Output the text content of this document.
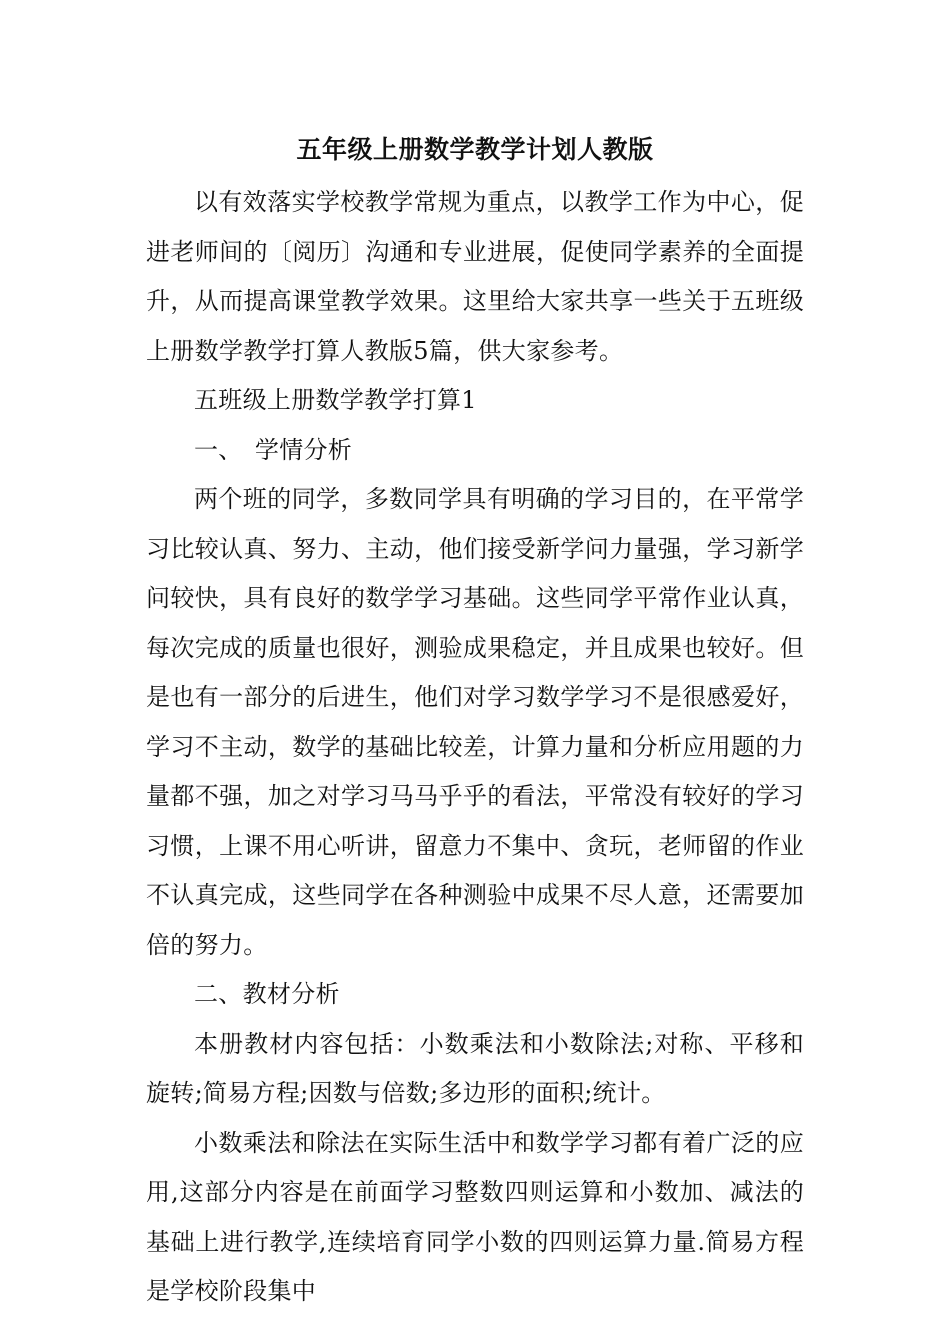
五年级上册数学教学计划人教版

以有效落实学校教学常规为重点，以教学工作为中心，促进老师间的〔阅历〕沟通和专业进展，促使同学素养的全面提升，从而提高课堂教学效果。这里给大家共享一些关于五班级上册数学教学打算人教版5篇，供大家参考。

五班级上册数学教学打算1

一、　学情分析

两个班的同学，多数同学具有明确的学习目的，在平常学习比较认真、努力、主动，他们接受新学问力量强，学习新学问较快，具有良好的数学学习基础。这些同学平常作业认真，每次完成的质量也很好，测验成果稳定，并且成果也较好。但是也有一部分的后进生，他们对学习数学学习不是很感爱好，学习不主动，数学的基础比较差，计算力量和分析应用题的力量都不强，加之对学习马马乎乎的看法，平常没有较好的学习习惯，上课不用心听讲，留意力不集中、贪玩，老师留的作业不认真完成，这些同学在各种测验中成果不尽人意，还需要加倍的努力。

二、教材分析

本册教材内容包括：小数乘法和小数除法;对称、平移和旋转;简易方程;因数与倍数;多边形的面积;统计。

小数乘法和除法在实际生活中和数学学习都有着广泛的应用,这部分内容是在前面学习整数四则运算和小数加、减法的基础上进行教学,连续培育同学小数的四则运算力量.简易方程是学校阶段集中
